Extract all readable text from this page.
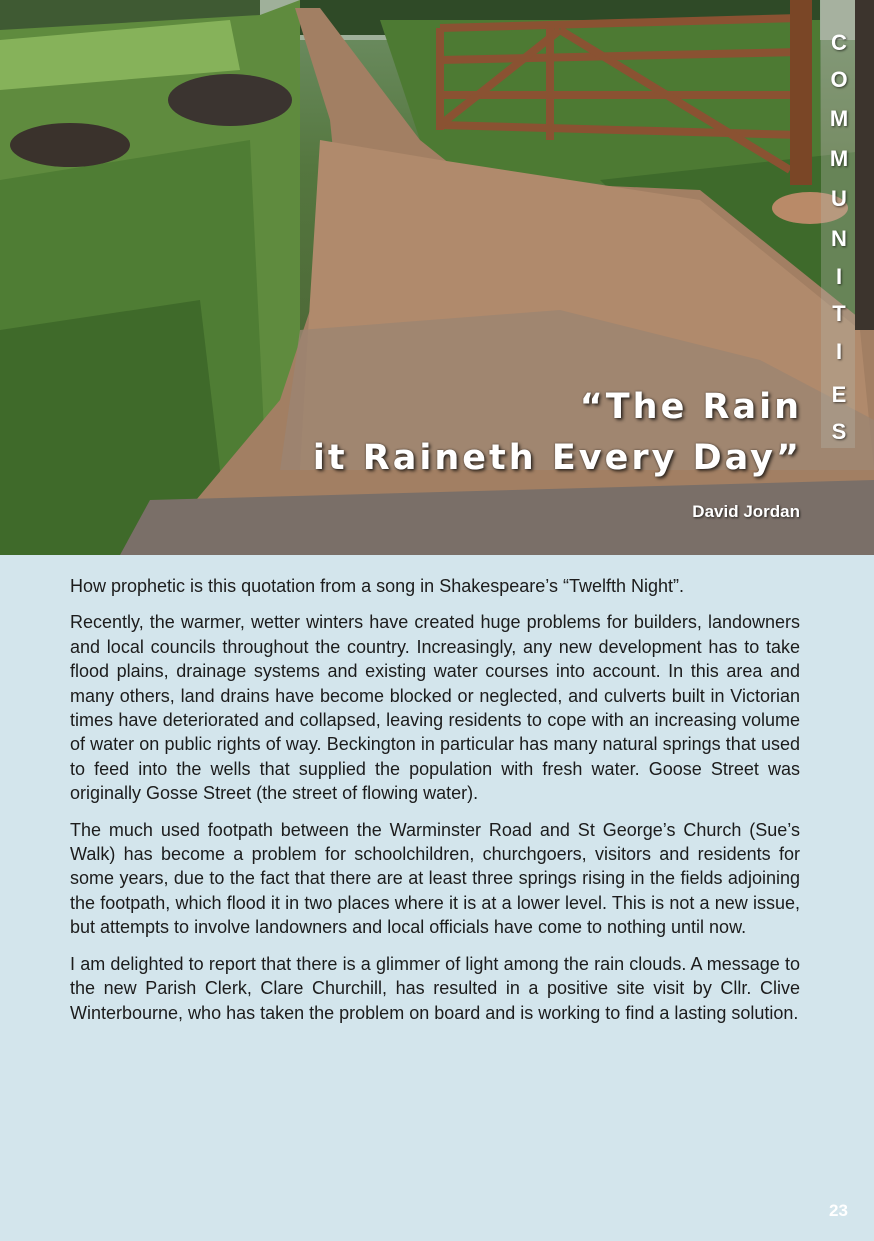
C
O
M
M
U
N
I
T
I
E
S
“The Rain
it Raineth Every Day”
David Jordan

How prophetic is this quotation from a song in Shakespeare’s “Twelfth Night”.

Recently, the warmer, wetter winters have created huge problems for builders, landowners and local councils throughout the country. Increasingly, any new development has to take flood plains, drainage systems and existing water courses into account. In this area and many others, land drains have become blocked or neglected, and culverts built in Victorian times have deteriorated and collapsed, leaving residents to cope with an increasing volume of water on public rights of way. Beckington in particular has many natural springs that used to feed into the wells that supplied the population with fresh water. Goose Street was originally Gosse Street (the street of flowing water).

The much used footpath between the Warminster Road and St George’s Church (Sue’s Walk) has become a problem for schoolchildren, churchgoers, visitors and residents for some years, due to the fact that there are at least three springs rising in the fields adjoining the footpath, which flood it in two places where it is at a lower level. This is not a new issue, but attempts to involve landowners and local officials have come to nothing until now.

I am delighted to report that there is a glimmer of light among the rain clouds. A message to the new Parish Clerk, Clare Churchill, has resulted in a positive site visit by Cllr. Clive Winterbourne, who has taken the problem on board and is working to find a lasting solution.

23
